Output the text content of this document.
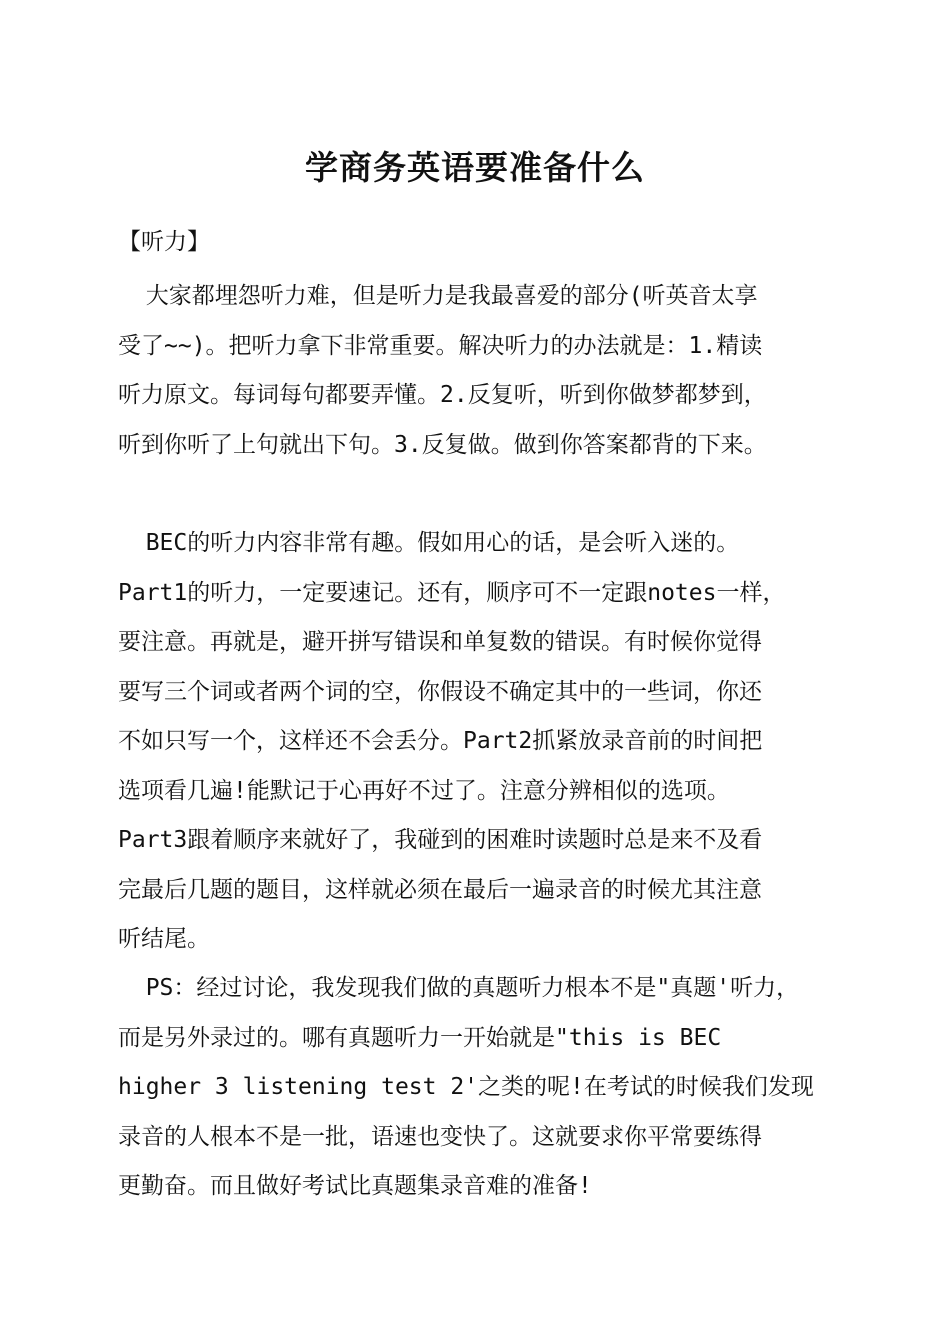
学商务英语要准备什么
【听力】

大家都埋怨听力难，但是听力是我最喜爱的部分(听英音太享
受了~~)。把听力拿下非常重要。解决听力的办法就是：1.精读
听力原文。每词每句都要弄懂。2.反复听，听到你做梦都梦到，
听到你听了上句就出下句。3.反复做。做到你答案都背的下来。

BEC的听力内容非常有趣。假如用心的话，是会听入迷的。
Part1的听力，一定要速记。还有，顺序可不一定跟notes一样，
要注意。再就是，避开拼写错误和单复数的错误。有时候你觉得
要写三个词或者两个词的空，你假设不确定其中的一些词，你还
不如只写一个，这样还不会丢分。Part2抓紧放录音前的时间把
选项看几遍!能默记于心再好不过了。注意分辨相似的选项。
Part3跟着顺序来就好了，我碰到的困难时读题时总是来不及看
完最后几题的题目，这样就必须在最后一遍录音的时候尤其注意
听结尾。

PS：经过讨论，我发现我们做的真题听力根本不是"真题'听力，
而是另外录过的。哪有真题听力一开始就是"this is BEC
higher 3 listening test 2'之类的呢!在考试的时候我们发现
录音的人根本不是一批，语速也变快了。这就要求你平常要练得
更勤奋。而且做好考试比真题集录音难的准备!
